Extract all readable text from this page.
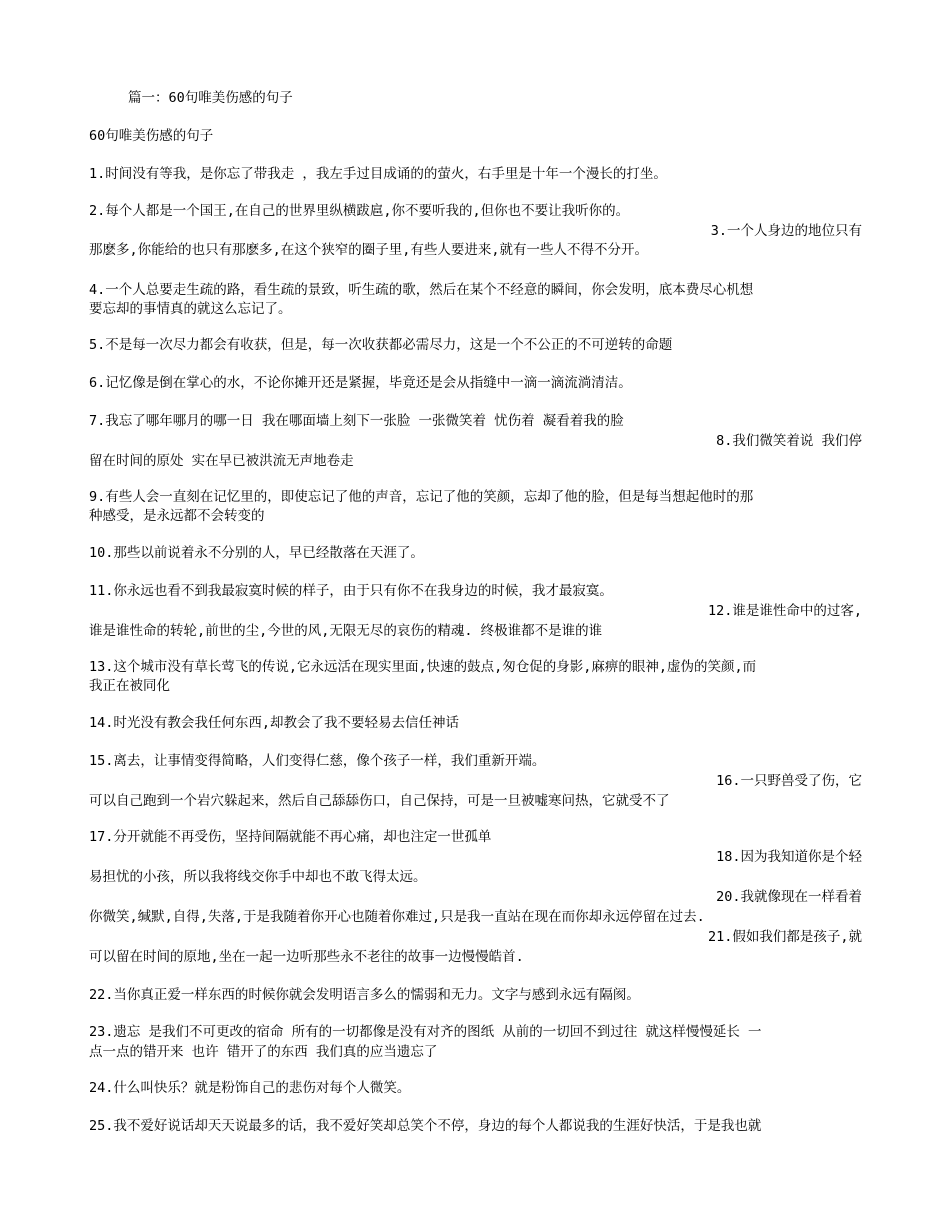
篇一：60句唯美伤感的句子
60句唯美伤感的句子
1.时间没有等我，是你忘了带我走 ，我左手过目成诵的的萤火，右手里是十年一个漫长的打坐。
2.每个人都是一个国王,在自己的世界里纵横跋扈,你不要听我的,但你也不要让我听你的。
3.一个人身边的地位只有
那麽多,你能给的也只有那麽多,在这个狭窄的圈子里,有些人要进来,就有一些人不得不分开。
4.一个人总要走生疏的路，看生疏的景致，听生疏的歌，然后在某个不经意的瞬间，你会发明，底本费尽心机想
要忘却的事情真的就这么忘记了。
5.不是每一次尽力都会有收获，但是，每一次收获都必需尽力，这是一个不公正的不可逆转的命题
6.记忆像是倒在掌心的水，不论你摊开还是紧握，毕竟还是会从指缝中一滴一滴流淌清洁。
7.我忘了哪年哪月的哪一日 我在哪面墙上刻下一张脸 一张微笑着 忧伤着 凝看着我的脸
8.我们微笑着说 我们停
留在时间的原处 实在早已被洪流无声地卷走
9.有些人会一直刻在记忆里的，即使忘记了他的声音，忘记了他的笑颜，忘却了他的脸，但是每当想起他时的那
种感受，是永远都不会转变的
10.那些以前说着永不分别的人，早已经散落在天涯了。
11.你永远也看不到我最寂寞时候的样子，由于只有你不在我身边的时候，我才最寂寞。
12.谁是谁性命中的过客,
谁是谁性命的转轮,前世的尘,今世的风,无限无尽的哀伤的精魂. 终极谁都不是谁的谁
13.这个城市没有草长莺飞的传说,它永远活在现实里面,快速的鼓点,匆仓促的身影,麻痹的眼神,虚伪的笑颜,而
我正在被同化
14.时光没有教会我任何东西,却教会了我不要轻易去信任神话
15.离去，让事情变得简略，人们变得仁慈，像个孩子一样，我们重新开端。
16.一只野兽受了伤，它
可以自己跑到一个岩穴躲起来，然后自己舔舔伤口，自己保持，可是一旦被嘘寒问热，它就受不了
17.分开就能不再受伤，坚持间隔就能不再心痛，却也注定一世孤单
18.因为我知道你是个轻
易担忧的小孩，所以我将线交你手中却也不敢飞得太远。
20.我就像现在一样看着
你微笑,缄默,自得,失落,于是我随着你开心也随着你难过,只是我一直站在现在而你却永远停留在过去.
21.假如我们都是孩子,就
可以留在时间的原地,坐在一起一边听那些永不老往的故事一边慢慢皓首.
22.当你真正爱一样东西的时候你就会发明语言多么的懦弱和无力。文字与感到永远有隔阂。
23.遗忘 是我们不可更改的宿命 所有的一切都像是没有对齐的图纸 从前的一切回不到过往 就这样慢慢延长 一
点一点的错开来 也许 错开了的东西 我们真的应当遗忘了
24.什么叫快乐？就是粉饰自己的悲伤对每个人微笑。
25.我不爱好说话却天天说最多的话，我不爱好笑却总笑个不停，身边的每个人都说我的生涯好快活，于是我也就
